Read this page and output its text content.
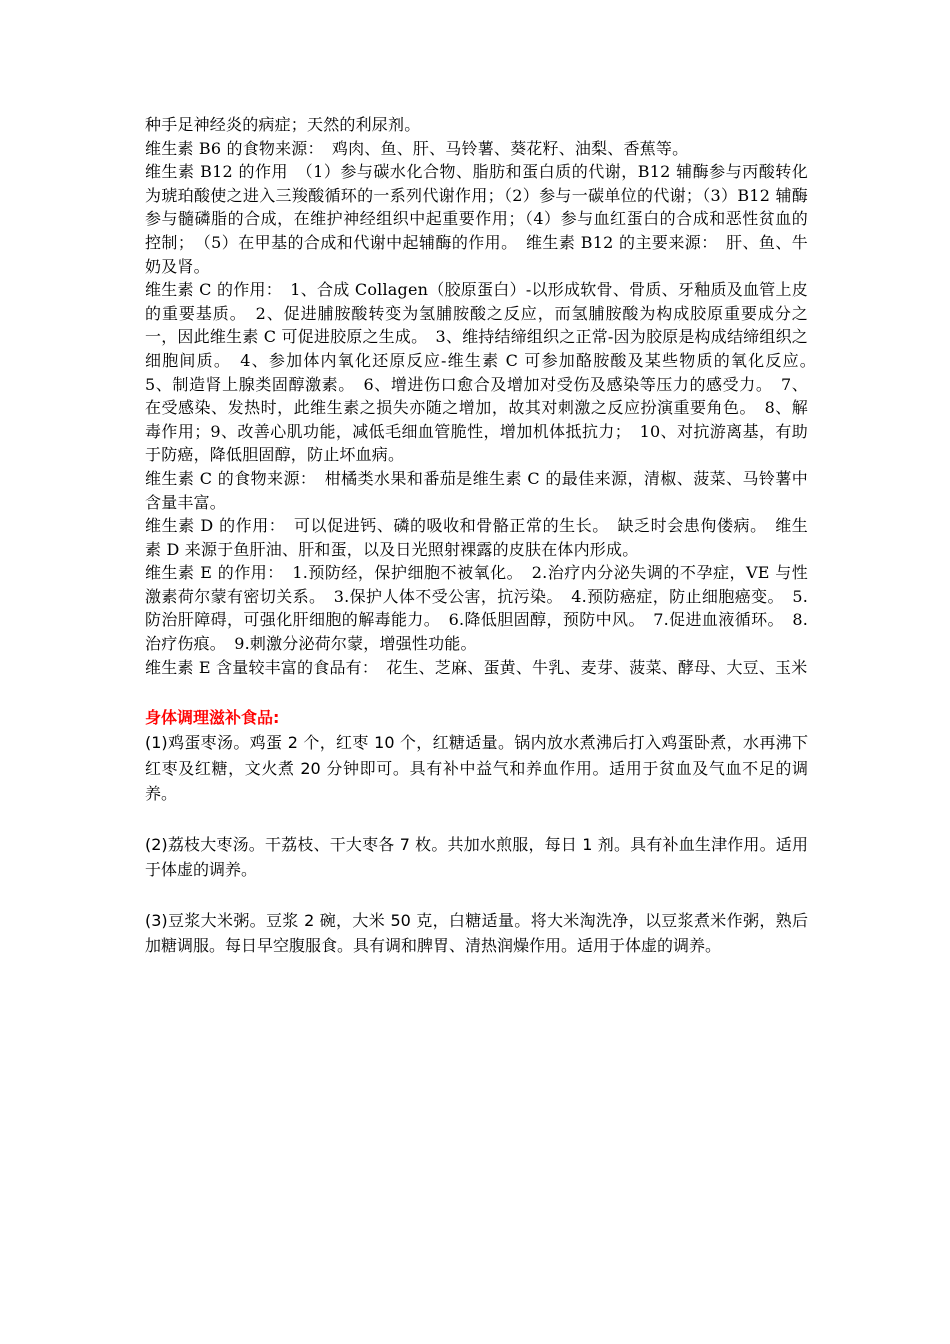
种手足神经炎的病症；天然的利尿剂。

维生素 B6 的食物来源：　鸡肉、鱼、肝、马铃薯、葵花籽、油梨、香蕉等。

维生素 B12 的作用　（1）参与碳水化合物、脂肪和蛋白质的代谢，B12 辅酶参与丙酸转化为琥珀酸使之进入三羧酸循环的一系列代谢作用；（2）参与一碳单位的代谢；（3）B12 辅酶参与髓磷脂的合成，在维护神经组织中起重要作用；（4）参与血红蛋白的合成和恶性贫血的控制；　（5）在甲基的合成和代谢中起辅酶的作用。　维生素 B12 的主要来源：　肝、鱼、牛奶及肾。

维生素 C 的作用：　1、合成 Collagen（胶原蛋白）-以形成软骨、骨质、牙釉质及血管上皮的重要基质。　2、促进脯胺酸转变为氢脯胺酸之反应，而氢脯胺酸为构成胶原重要成分之一，因此维生素 C 可促进胶原之生成。　3、维持结缔组织之正常-因为胶原是构成结缔组织之细胞间质。　4、参加体内氧化还原反应-维生素 C 可参加酪胺酸及某些物质的氧化反应。　5、制造肾上腺类固醇激素。　6、增进伤口愈合及增加对受伤及感染等压力的感受力。　7、在受感染、发热时，此维生素之损失亦随之增加，故其对刺激之反应扮演重要角色。　8、解毒作用；9、改善心肌功能，减低毛细血管脆性，增加机体抵抗力；　10、对抗游离基，有助于防癌，降低胆固醇，防止坏血病。

维生素 C 的食物来源：　柑橘类水果和番茄是维生素 C 的最佳来源，清椒、菠菜、马铃薯中含量丰富。

维生素 D 的作用：　可以促进钙、磷的吸收和骨骼正常的生长。　缺乏时会患佝偻病。　维生素 D 来源于鱼肝油、肝和蛋，以及日光照射裸露的皮肤在体内形成。

维生素 E 的作用：　1.预防经，保护细胞不被氧化。　2.治疗内分泌失调的不孕症，VE 与性激素荷尔蒙有密切关系。　3.保护人体不受公害，抗污染。　4.预防癌症，防止细胞癌变。　5.防治肝障碍，可强化肝细胞的解毒能力。　6.降低胆固醇，预防中风。　7.促进血液循环。　8.治疗伤痕。　9.刺激分泌荷尔蒙，增强性功能。

维生素 E 含量较丰富的食品有：　花生、芝麻、蛋黄、牛乳、麦芽、菠菜、酵母、大豆、玉米

身体调理滋补食品:

(1)鸡蛋枣汤。鸡蛋 2 个，红枣 10 个，红糖适量。锅内放水煮沸后打入鸡蛋卧煮，水再沸下红枣及红糖，文火煮 20 分钟即可。具有补中益气和养血作用。适用于贫血及气血不足的调养。

(2)荔枝大枣汤。干荔枝、干大枣各 7 枚。共加水煎服，每日 1 剂。具有补血生津作用。适用于体虚的调养。

(3)豆浆大米粥。豆浆 2 碗，大米 50 克，白糖适量。将大米淘洗净，以豆浆煮米作粥，熟后加糖调服。每日早空腹服食。具有调和脾胃、清热润燥作用。适用于体虚的调养。
